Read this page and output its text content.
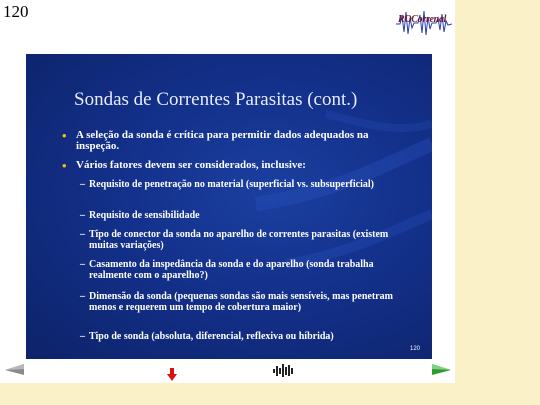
120	ROCorrenal
Sondas de Correntes Parasitas (cont.)
• A seleção da sonda é crítica para permitir dados adequados na inspeção.
• Vários fatores devem ser considerados, inclusive:
– Requisito de penetração no material (superficial vs. subsuperficial)
– Requisito de sensibilidade
– Tipo de conector da sonda no aparelho de correntes parasitas (existem muitas variações)
– Casamento da inspedância da sonda e do aparelho (sonda trabalha realmente com o aparelho?)
– Dimensão da sonda (pequenas sondas são mais sensíveis, mas penetram menos e requerem um tempo de cobertura maior)
– Tipo de sonda (absoluta, diferencial, reflexiva ou híbrida)
120
